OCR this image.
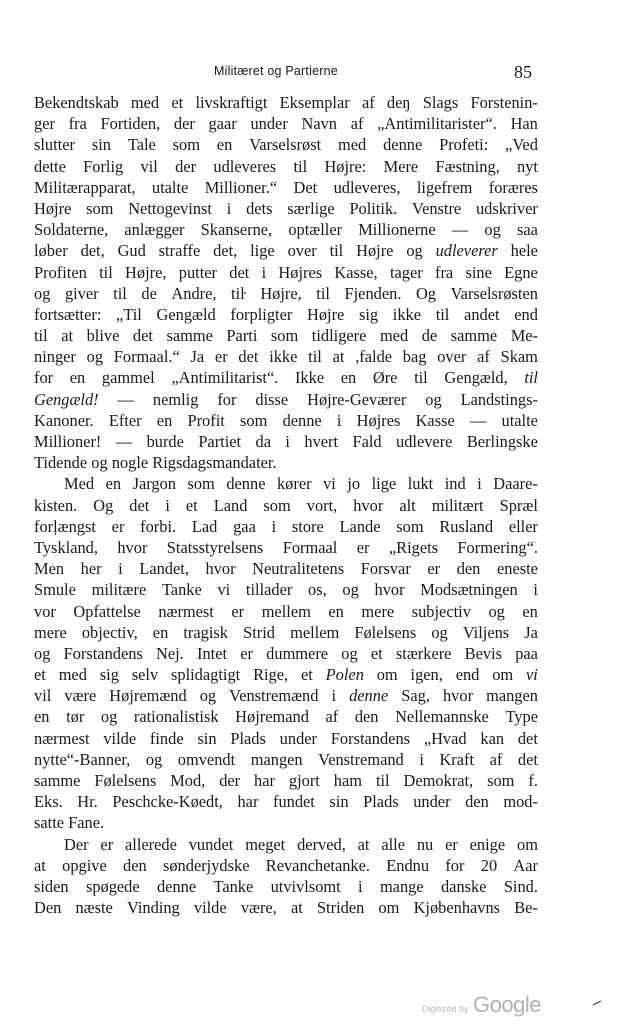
Militæret og Partierne	85
Bekendtskab med et livskraftigt Eksemplar af deŋ Slags Forstenin-
ger fra Fortiden, der gaar under Navn af „Antimilitarister“. Han
slutter sin Tale som en Varselsrøst med denne Profeti: „Ved
dette Forlig vil der udleveres til Højre: Mere Fæstning, nyt
Militærapparat, utalte Millioner.“ Det udleveres, ligefrem foræres
Højre som Nettogevinst i dets særlige Politik. Venstre udskriver
Soldaterne, anlægger Skanserne, optæller Millionerne — og saa
løber det, Gud straffe det, lige over til Højre og udleverer hele
Profiten til Højre, putter det i Højres Kasse, tager fra sine Egne
og giver til de Andre, tiŀ Højre, til Fjenden. Og Varselsrøsten
fortsætter: „Til Gengæld forpligter Højre sig ikke til andet end
til at blive det samme Parti som tidligere med de samme Me-
ninger og Formaal.“ Ja er det ikke til at ,falde bag over af Skam
for en gammel „Antimilitarist“. Ikke en Øre til Gengæld, til
Gengæld! — nemlig for disse Højre-Geværer og Landstings-
Kanoner. Efter en Profit som denne i Højres Kasse — utalte
Millioner! — burde Partiet da i hvert Fald udlevere Berlingske
Tidende og nogle Rigsdagsmandater.
Med en Jargon som denne kører vi jo lige lukt ind i Daare-
kisten. Og det i et Land som vort, hvor alt militært Spræl
forļængst er forbi. Lad gaa i store Lande som Rusland eller
Tyskland, hvor Statsstyrelsens Formaal er „Rigets Formering“.
Men her i Landet, hvor Neutralitetens Forsvar er den eneste
Smule militære Tanke vi tillader os, og hvor Modsætningen i
vor Opfattelse nærmest er mellem en mere subjectiv og en
mere objectiv, en tragisk Strid mellem Følelsens og Viljens Ja
og Forstandens Nej. Intet er dummere og et stærkere Bevis paa
et med sig selv splidagtigt Rige, et Polen om igen, end om vi
vil være Højremænd og Venstremænd i denne Sag, hvor mangen
en tør og rationalistisk Højremand af den Nellemannske Type
nærmest vilde finde sin Plads under Forstandens „Hvad kan det
nytte“-Banner, og omvendt mangen Venstremand i Kraft af det
samme Følelsens Mod, der har gjort ham til Demokrat, som f.
Eks. Hr. Peschcke-Køedt, har fundet sin Plads under den mod-
satte Fane.
Der er allerede vundet meget derved, at alle nu er enige om
at opgive den sønderjydske Revanchetanke. Endnu for 20 Aar
siden spøgede denne Tanke utvivlsomt i mange danske Sind.
Den næste Vinding vilde være, at Striden om Kjøbenhavns Be-
Digitized by Google
